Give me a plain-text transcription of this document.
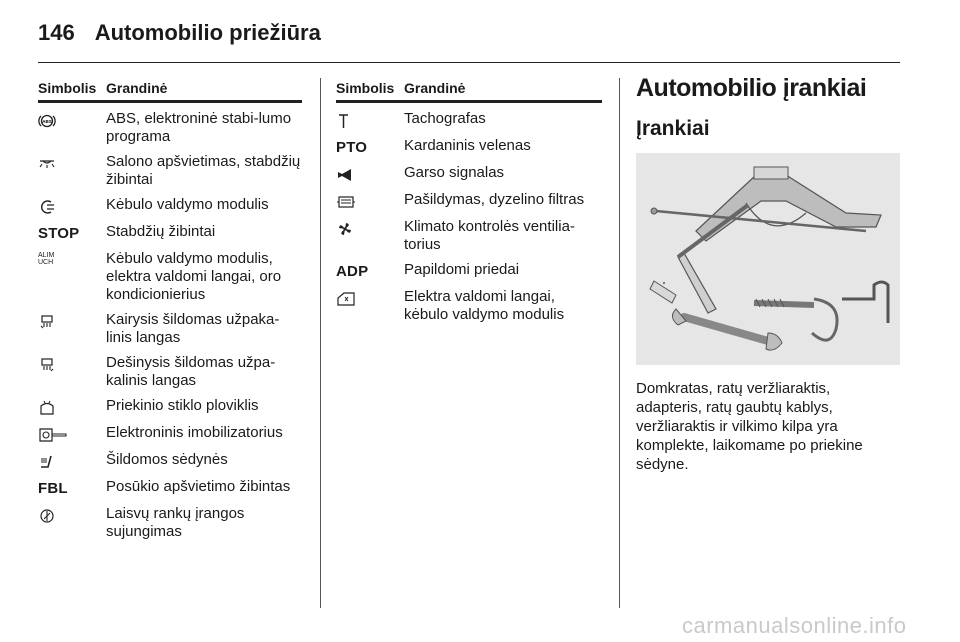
146 Automobilio priežiūra
Simbolis Grandinė
ABS	ABS, elektroninė stabi-lumo programa
Salono apšvietimas, stabdžių žibintai
Kėbulo valdymo modulis
STOP Stabdžių žibintai
ALIM
UCH	Kėbulo valdymo modulis, elektra valdomi langai, oro kondicionierius
Kairysis šildomas užpaka-linis langas
Dešinysis šildomas užpa-kalinis langas
Priekinio stiklo ploviklis
Elektroninis imobilizatorius
Šildomos sėdynės
FBL	Posūkio apšvietimo žibintas
Laisvų rankų įrangos sujungimas
Simbolis Grandinė
Tachografas
PTO Kardaninis velenas
Garso signalas
Pašildymas, dyzelino filtras
Klimato kontrolės ventilia-torius
ADP Papildomi priedai
Elektra valdomi langai, kėbulo valdymo modulis
Automobilio įrankiai
Įrankiai
Domkratas, ratų veržliaraktis, adapteris, ratų gaubtų kablys, veržliaraktis ir vilkimo kilpa yra komplekte, laikomame po priekine sėdyne.
carmanualsonline.info
